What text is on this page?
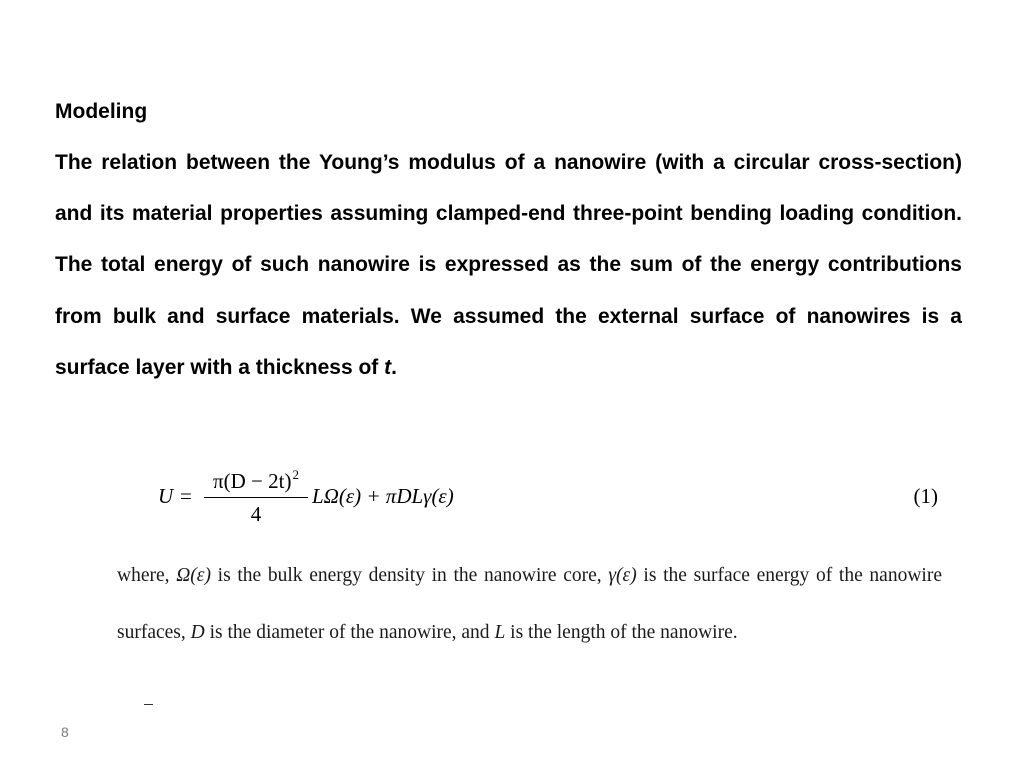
Modeling
The relation between the Young’s modulus of a nanowire (with a circular cross-section) and its material properties assuming clamped-end three-point bending loading condition. The total energy of such nanowire is expressed as the sum of the energy contributions from bulk and surface materials. We assumed the external surface of nanowires is a surface layer with a thickness of t.
U =
$\pi(D - 2t)^2$
4
LΩ(ε) + πDLγ(ε)	(1)
where, Ω(ε) is the bulk energy density in the nanowire core, γ(ε) is the surface energy of the nanowire surfaces, D is the diameter of the nanowire, and L is the length of the nanowire.
8
